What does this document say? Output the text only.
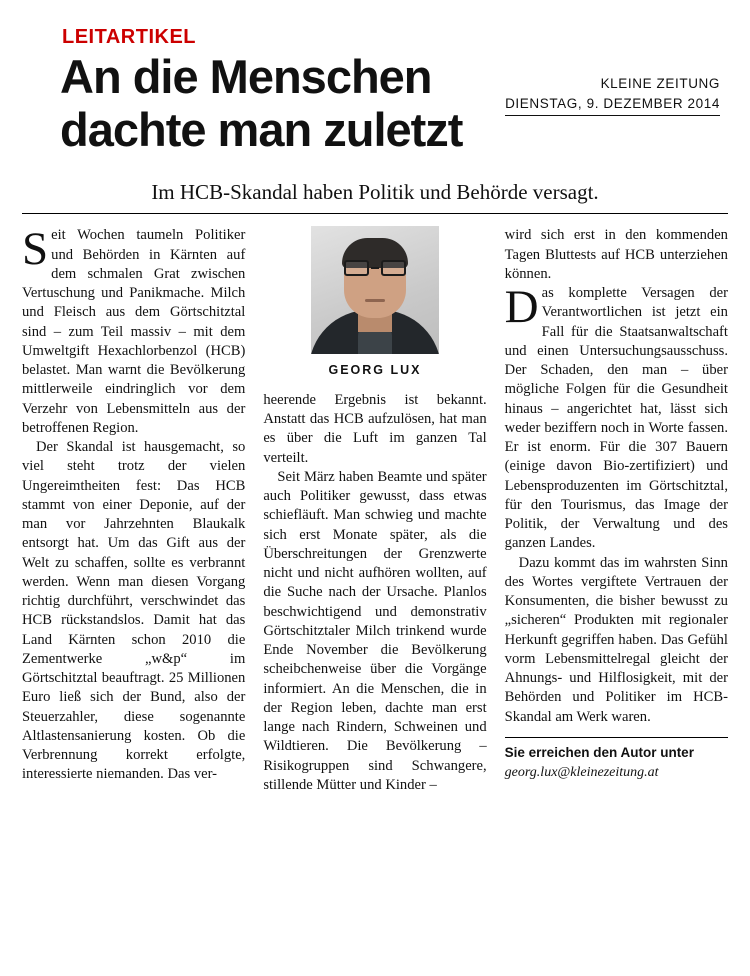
LEITARTIKEL
An die Menschen
dachte man zuletzt
KLEINE ZEITUNG
DIENSTAG, 9. DEZEMBER 2014
Im HCB-Skandal haben Politik und Behörde versagt.

Seit Wochen taumeln Politiker und Behörden in Kärnten auf dem schmalen Grat zwischen Vertuschung und Panikmache. Milch und Fleisch aus dem Görtschitztal sind – zum Teil massiv – mit dem Umweltgift Hexachlorbenzol (HCB) belastet. Man warnt die Bevölkerung mittlerweile eindringlich vor dem Verzehr von Lebensmitteln aus der betroffenen Region.

Der Skandal ist hausgemacht, so viel steht trotz der vielen Ungereimtheiten fest: Das HCB stammt von einer Deponie, auf der man vor Jahrzehnten Blaukalk entsorgt hat. Um das Gift aus der Welt zu schaffen, sollte es verbrannt werden. Wenn man diesen Vorgang richtig durchführt, verschwindet das HCB rückstandslos. Damit hat das Land Kärnten schon 2010 die Zementwerke „w&p“ im Görtschitztal beauftragt. 25 Millionen Euro ließ sich der Bund, also der Steuerzahler, diese sogenannte Altlastensanierung kosten. Ob die Verbrennung korrekt erfolgte, interessierte niemanden. Das ver-

GEORG LUX

heerende Ergebnis ist bekannt. Anstatt das HCB aufzulösen, hat man es über die Luft im ganzen Tal verteilt.

Seit März haben Beamte und später auch Politiker gewusst, dass etwas schiefläuft. Man schwieg und machte sich erst Monate später, als die Überschreitungen der Grenzwerte nicht und nicht aufhören wollten, auf die Suche nach der Ursache. Planlos beschwichtigend und demonstrativ Görtschitztaler Milch trinkend wurde Ende November die Bevölkerung scheibchenweise über die Vorgänge informiert. An die Menschen, die in der Region leben, dachte man erst lange nach Rindern, Schweinen und Wildtieren. Die Bevölkerung – Risikogruppen sind Schwangere, stillende Mütter und Kinder –

wird sich erst in den kommenden Tagen Bluttests auf HCB unterziehen können.

Das komplette Versagen der Verantwortlichen ist jetzt ein Fall für die Staatsanwaltschaft und einen Untersuchungsausschuss. Der Schaden, den man – über mögliche Folgen für die Gesundheit hinaus – angerichtet hat, lässt sich weder beziffern noch in Worte fassen. Er ist enorm. Für die 307 Bauern (einige davon Bio-zertifiziert) und Lebensproduzenten im Görtschitztal, für den Tourismus, das Image der Politik, der Verwaltung und des ganzen Landes.

Dazu kommt das im wahrsten Sinn des Wortes vergiftete Vertrauen der Konsumenten, die bisher bewusst zu „sicheren“ Produkten mit regionaler Herkunft gegriffen haben. Das Gefühl vorm Lebensmittelregal gleicht der Ahnungs- und Hilflosigkeit, mit der Behörden und Politiker im HCB-Skandal am Werk waren.

Sie erreichen den Autor unter
georg.lux@kleinezeitung.at
